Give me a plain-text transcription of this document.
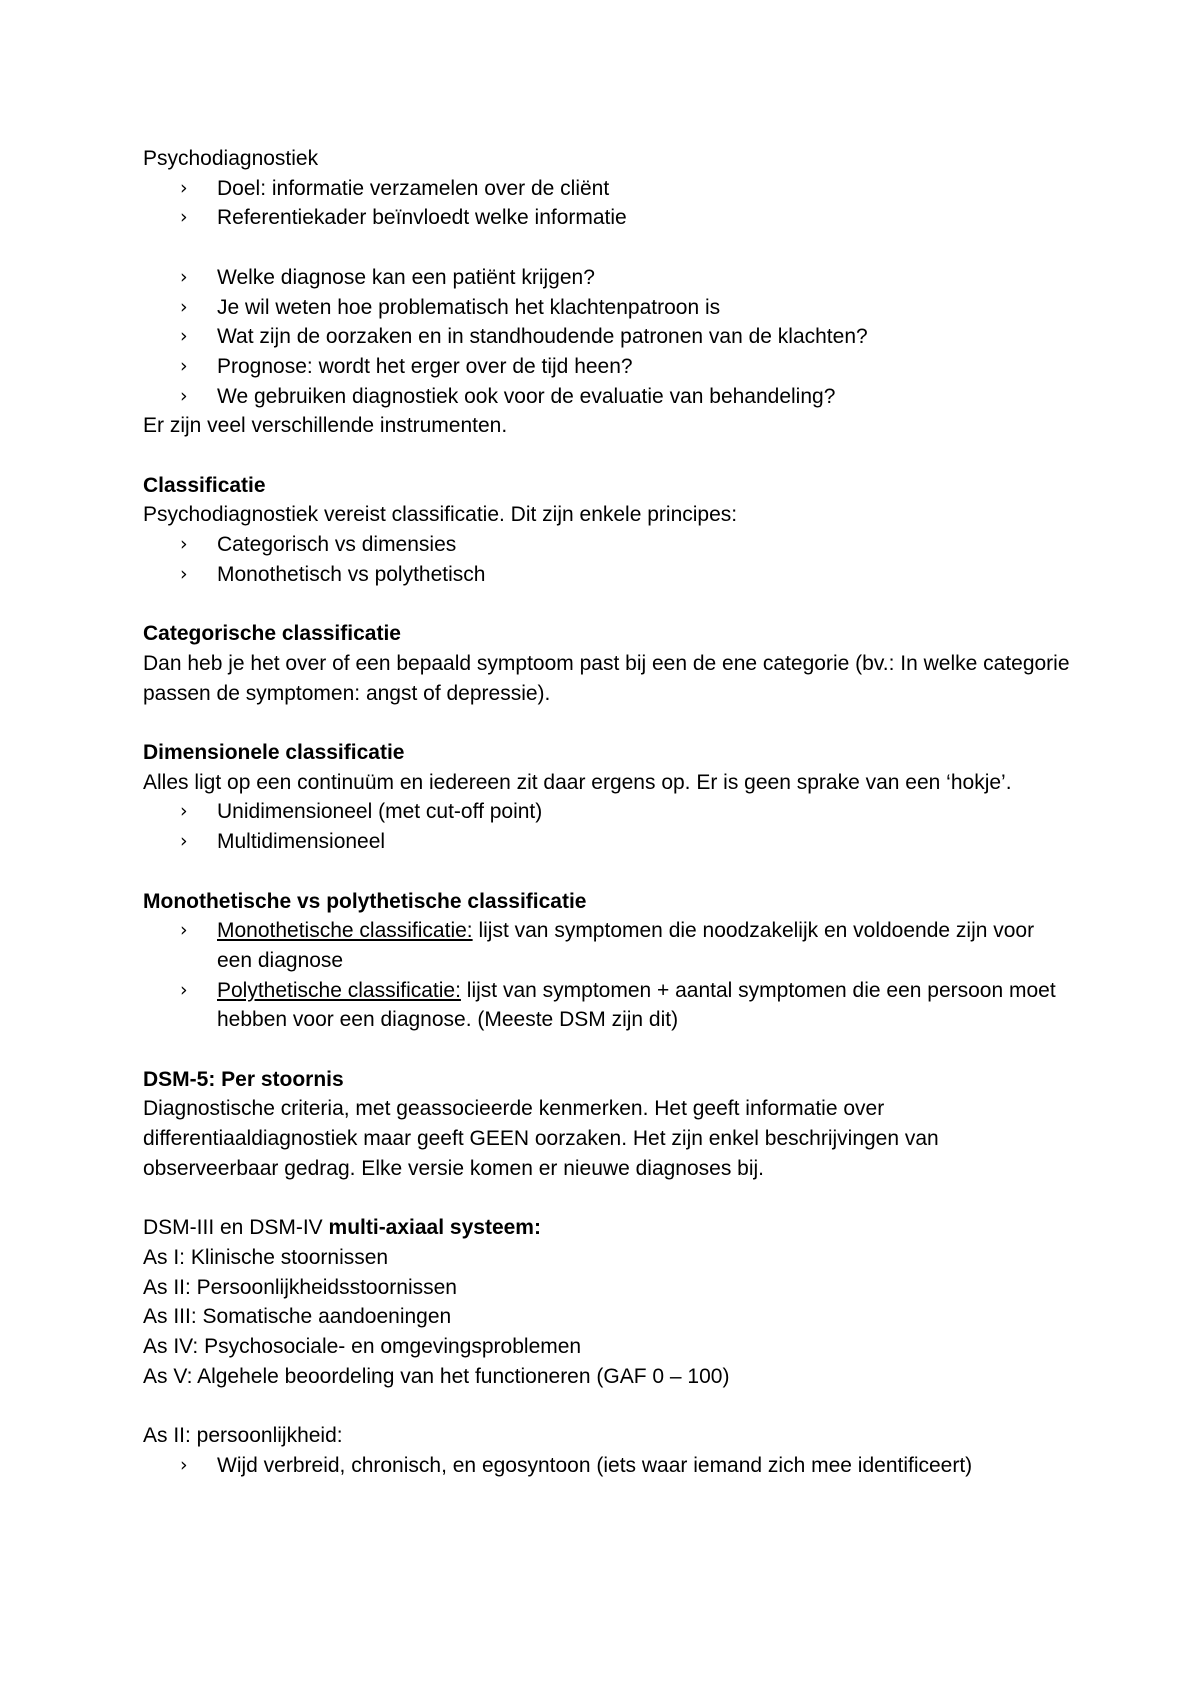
Psychodiagnostiek

› Doel: informatie verzamelen over de cliënt
› Referentiekader beïnvloedt welke informatie
› Welke diagnose kan een patiënt krijgen?
› Je wil weten hoe problematisch het klachtenpatroon is
› Wat zijn de oorzaken en in standhoudende patronen van de klachten?
› Prognose: wordt het erger over de tijd heen?
› We gebruiken diagnostiek ook voor de evaluatie van behandeling?

Er zijn veel verschillende instrumenten.

Classificatie

Psychodiagnostiek vereist classificatie. Dit zijn enkele principes:

› Categorisch vs dimensies
› Monothetisch vs polythetisch

Categorische classificatie

Dan heb je het over of een bepaald symptoom past bij een de ene categorie (bv.: In welke categorie passen de symptomen: angst of depressie).

Dimensionele classificatie

Alles ligt op een continuüm en iedereen zit daar ergens op. Er is geen sprake van een ‘hokje’.

› Unidimensioneel (met cut-off point)
› Multidimensioneel

Monothetische vs polythetische classificatie

› Monothetische classificatie: lijst van symptomen die noodzakelijk en voldoende zijn voor een diagnose
› Polythetische classificatie: lijst van symptomen + aantal symptomen die een persoon moet hebben voor een diagnose. (Meeste DSM zijn dit)

DSM-5: Per stoornis

Diagnostische criteria, met geassocieerde kenmerken. Het geeft informatie over differentiaaldiagnostiek maar geeft GEEN oorzaken. Het zijn enkel beschrijvingen van observeerbaar gedrag. Elke versie komen er nieuwe diagnoses bij.

DSM-III en DSM-IV multi-axiaal systeem:

As I: Klinische stoornissen

As II: Persoonlijkheidsstoornissen

As III: Somatische aandoeningen

As IV: Psychosociale- en omgevingsproblemen

As V: Algehele beoordeling van het functioneren (GAF 0 – 100)

As II: persoonlijkheid:

› Wijd verbreid, chronisch, en egosyntoon (iets waar iemand zich mee identificeert)
